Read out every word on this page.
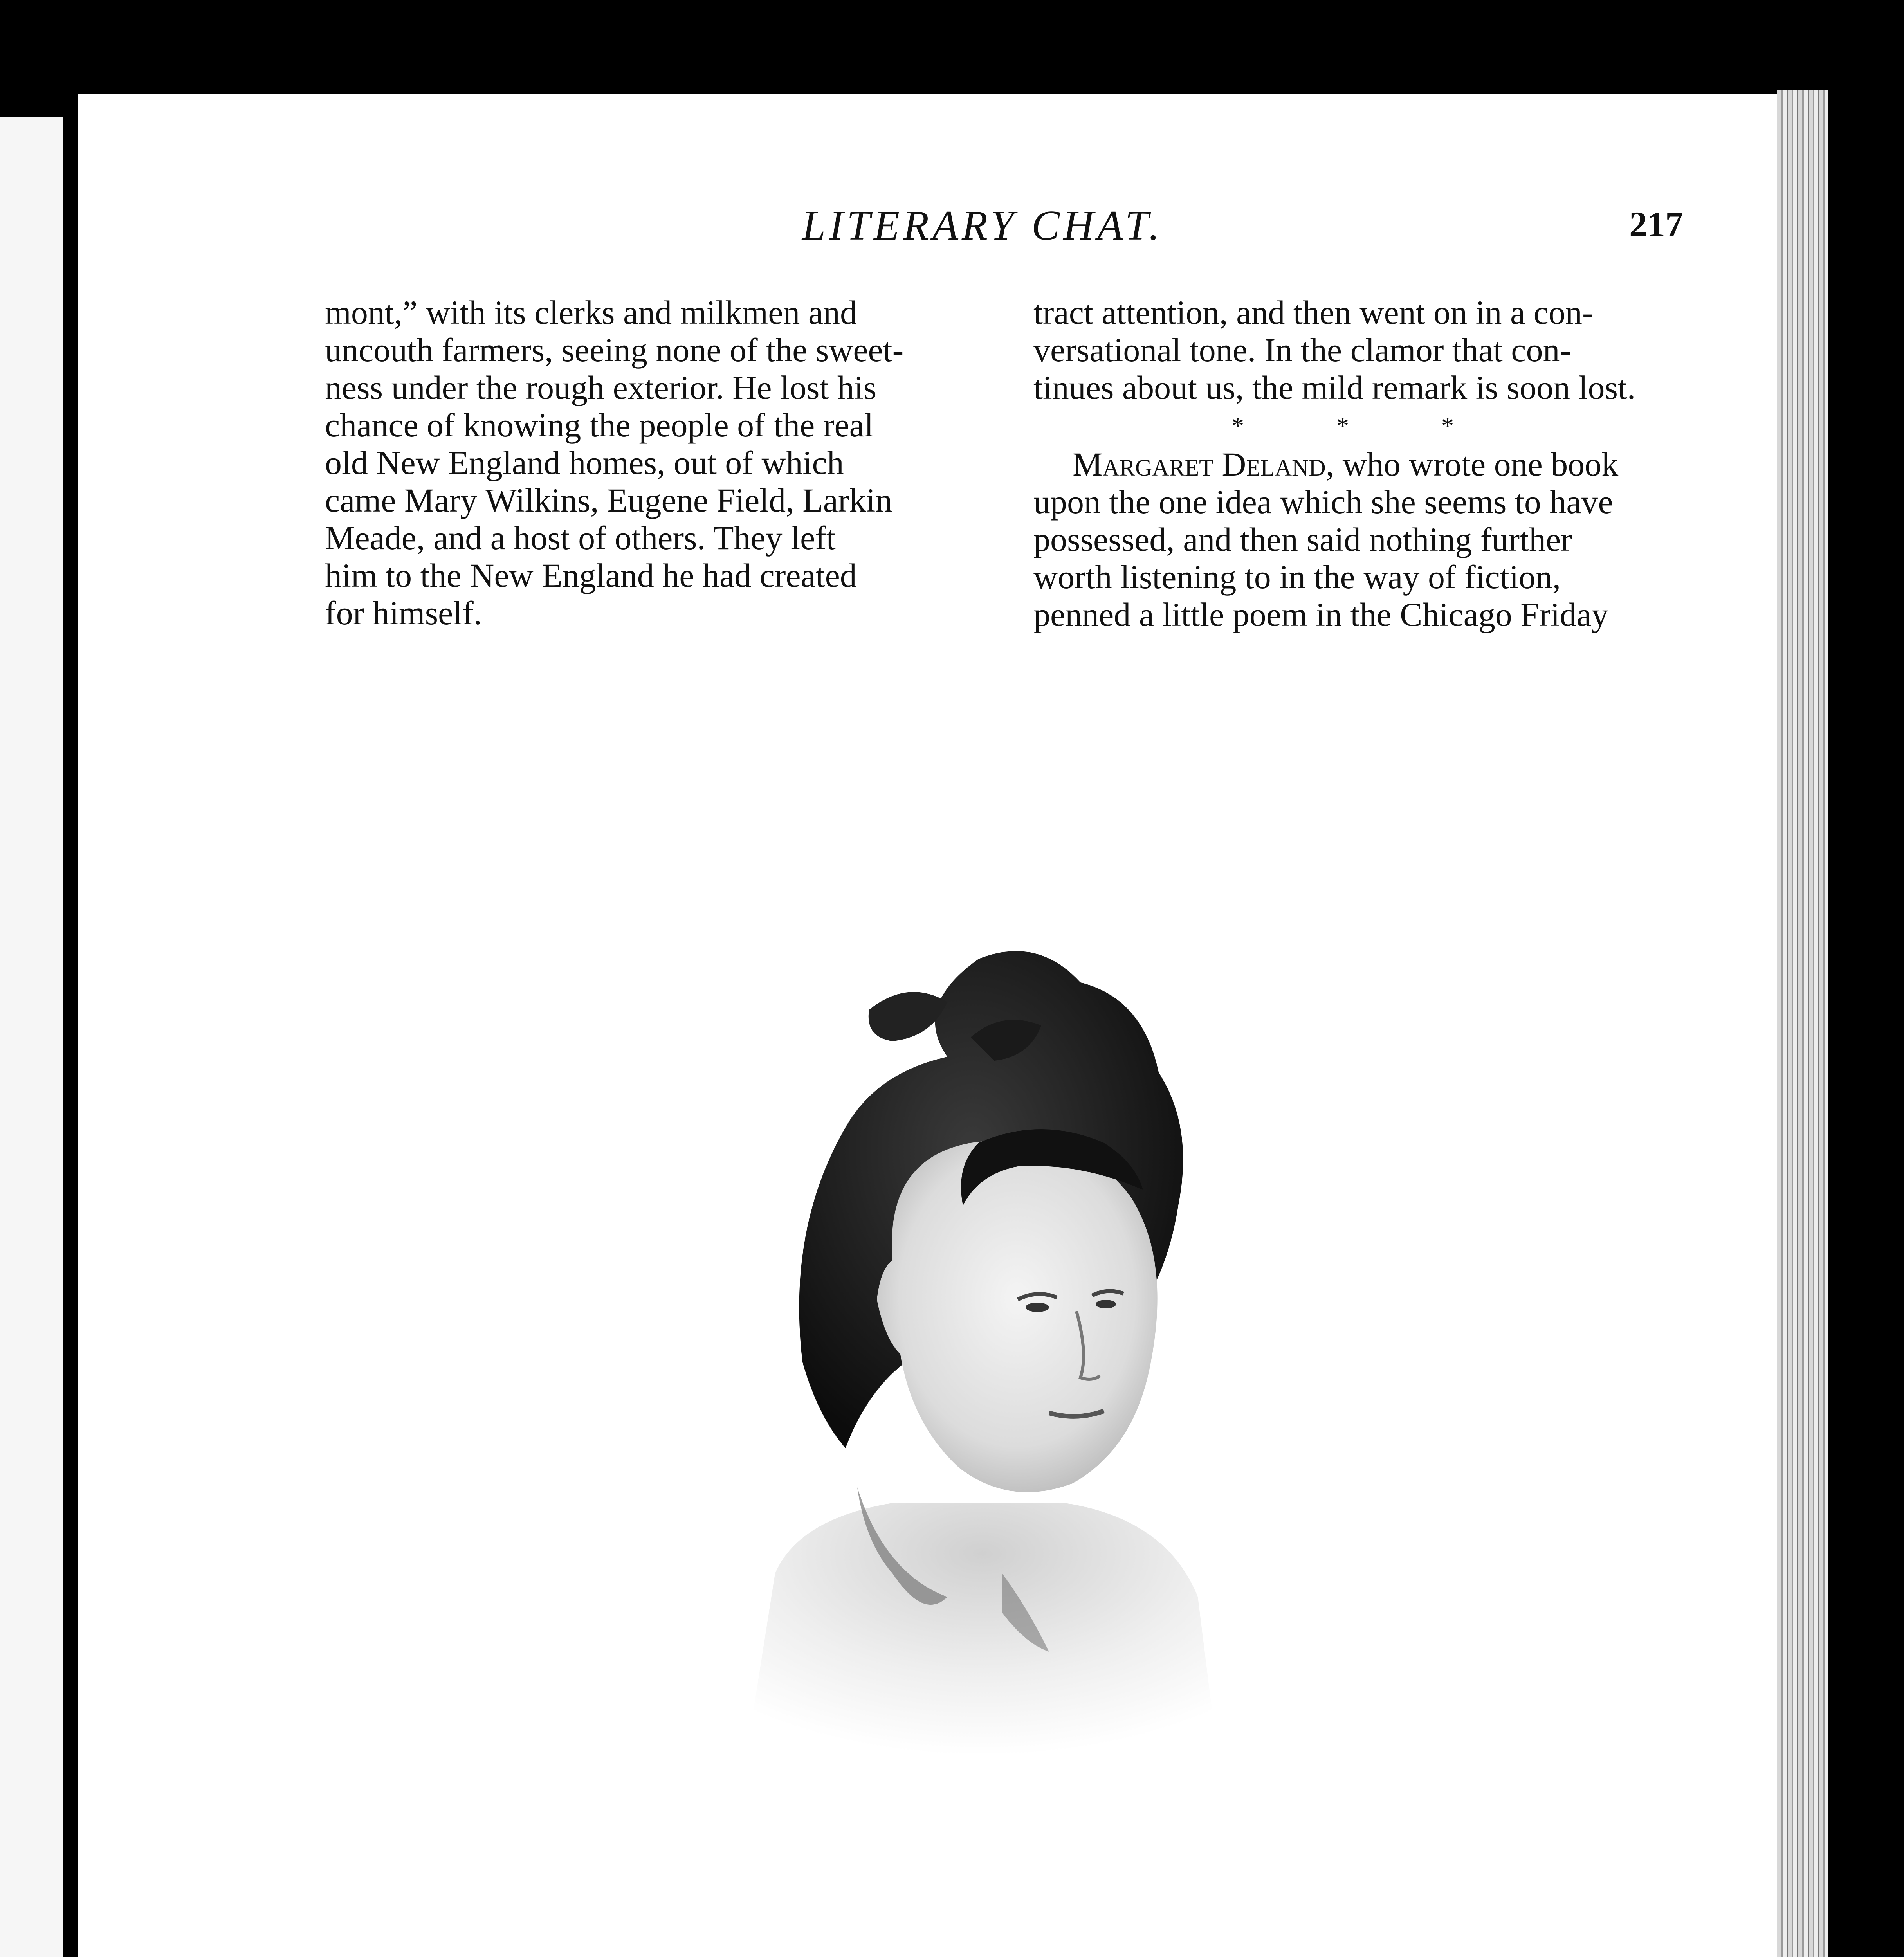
LITERARY CHAT.	217

mont,” with its clerks and milkmen and

uncouth farmers, seeing none of the sweet-

ness under the rough exterior. He lost his

chance of knowing the people of the real

old New England homes, out of which

came Mary Wilkins, Eugene Field, Larkin

Meade, and a host of others. They left

him to the New England he had created

for himself.

tract attention, and then went on in a con-

versational tone. In the clamor that con-

tinues about us, the mild remark is soon lost.

* * *

Margaret Deland, who wrote one book

upon the one idea which she seems to have

possessed, and then said nothing further

worth listening to in the way of fiction,

penned a little poem in the Chicago Friday
